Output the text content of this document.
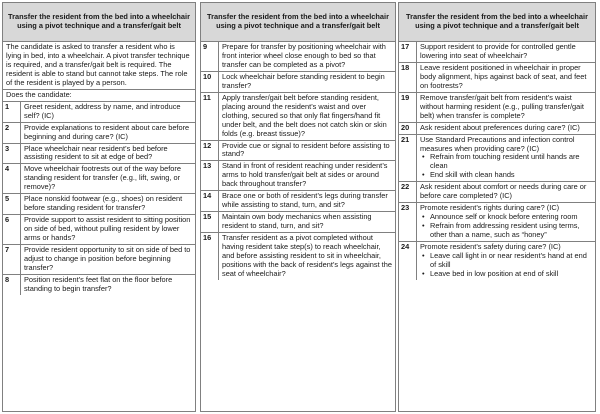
Transfer the resident from the bed into a wheelchair using a pivot technique and a transfer/gait belt
The candidate is asked to transfer a resident who is lying in bed, into a wheelchair. A pivot transfer technique is required, and a transfer/gait belt is required. The resident is able to stand but cannot take steps. The role of the resident is played by a person.
Does the candidate:
1	Greet resident, address by name, and introduce self? (IC)
2	Provide explanations to resident about care before beginning and during care? (IC)
3	Place wheelchair near resident’s bed before assisting resident to sit at edge of bed?
4	Move wheelchair footrests out of the way before standing resident for transfer (e.g., lift, swing, or remove)?
5	Place nonskid footwear (e.g., shoes) on resident before standing resident for transfer?
6	Provide support to assist resident to sitting position on side of bed, without pulling resident by lower arms or hands?
7	Provide resident opportunity to sit on side of bed to adjust to change in position before beginning transfer?
8	Position resident’s feet flat on the floor before standing to begin transfer?
Transfer the resident from the bed into a wheelchair using a pivot technique and a transfer/gait belt
9	Prepare for transfer by positioning wheelchair with front interior wheel close enough to bed so that transfer can be completed as a pivot?
10	Lock wheelchair before standing resident to begin transfer?
11	Apply transfer/gait belt before standing resident, placing around the resident’s waist and over clothing, secured so that only flat fingers/hand fit under belt, and the belt does not catch skin or skin folds (e.g. breast tissue)?
12	Provide cue or signal to resident before assisting to stand?
13	Stand in front of resident reaching under resident’s arms to hold transfer/gait belt at sides or around back throughout transfer?
14	Brace one or both of resident’s legs during transfer while assisting to stand, turn, and sit?
15	Maintain own body mechanics when assisting resident to stand, turn, and sit?
16	Transfer resident as a pivot completed without having resident take step(s) to reach wheelchair, and before assisting resident to sit in wheelchair, positions with the back of resident’s legs against the seat of wheelchair?
Transfer the resident from the bed into a wheelchair using a pivot technique and a transfer/gait belt
17	Support resident to provide for controlled gentle lowering into seat of wheelchair?
18	Leave resident positioned in wheelchair in proper body alignment, hips against back of seat, and feet on footrests?
19	Remove transfer/gait belt from resident’s waist without harming resident (e.g., pulling transfer/gait belt) when transfer is complete?
20	Ask resident about preferences during care? (IC)
21	Use Standard Precautions and infection control measures when providing care? (IC)
• Refrain from touching resident until hands are clean
• End skill with clean hands
22	Ask resident about comfort or needs during care or before care completed? (IC)
23	Promote resident’s rights during care? (IC)
• Announce self or knock before entering room
• Refrain from addressing resident using terms, other than a name, such as “honey”
24	Promote resident’s safety during care? (IC)
• Leave call light in or near resident’s hand at end of skill
• Leave bed in low position at end of skill
